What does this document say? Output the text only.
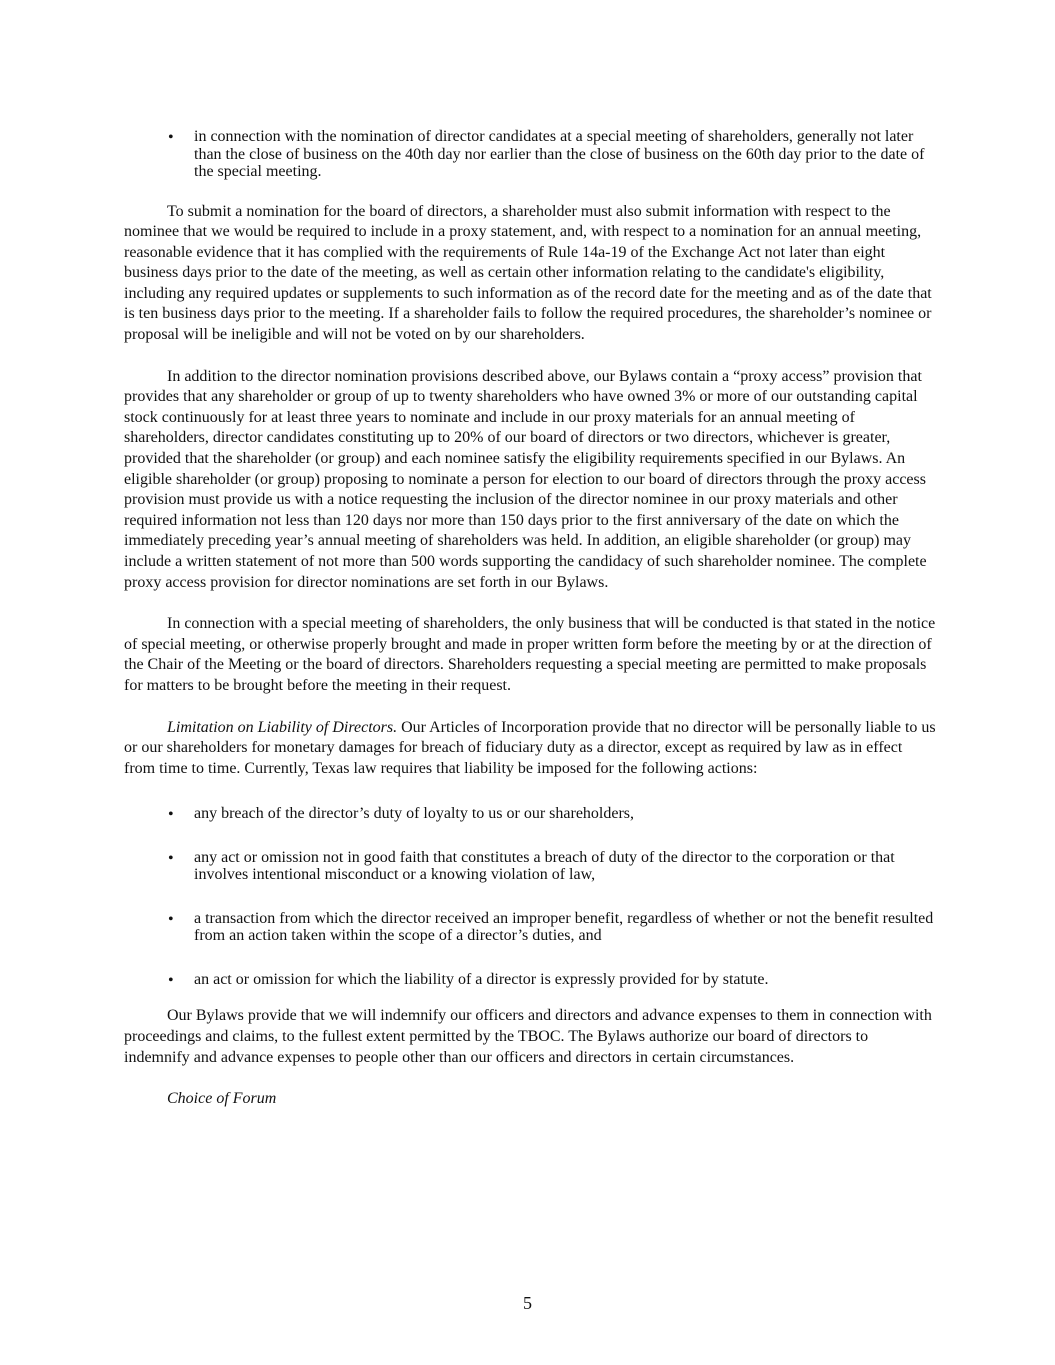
•	in connection with the nomination of director candidates at a special meeting of shareholders, generally not later than the close of business on the 40th day nor earlier than the close of business on the 60th day prior to the date of the special meeting.
To submit a nomination for the board of directors, a shareholder must also submit information with respect to the nominee that we would be required to include in a proxy statement, and, with respect to a nomination for an annual meeting, reasonable evidence that it has complied with the requirements of Rule 14a-19 of the Exchange Act not later than eight business days prior to the date of the meeting, as well as certain other information relating to the candidate's eligibility, including any required updates or supplements to such information as of the record date for the meeting and as of the date that is ten business days prior to the meeting. If a shareholder fails to follow the required procedures, the shareholder’s nominee or proposal will be ineligible and will not be voted on by our shareholders.
In addition to the director nomination provisions described above, our Bylaws contain a “proxy access” provision that provides that any shareholder or group of up to twenty shareholders who have owned 3% or more of our outstanding capital stock continuously for at least three years to nominate and include in our proxy materials for an annual meeting of shareholders, director candidates constituting up to 20% of our board of directors or two directors, whichever is greater, provided that the shareholder (or group) and each nominee satisfy the eligibility requirements specified in our Bylaws. An eligible shareholder (or group) proposing to nominate a person for election to our board of directors through the proxy access provision must provide us with a notice requesting the inclusion of the director nominee in our proxy materials and other required information not less than 120 days nor more than 150 days prior to the first anniversary of the date on which the immediately preceding year’s annual meeting of shareholders was held. In addition, an eligible shareholder (or group) may include a written statement of not more than 500 words supporting the candidacy of such shareholder nominee. The complete proxy access provision for director nominations are set forth in our Bylaws.
In connection with a special meeting of shareholders, the only business that will be conducted is that stated in the notice of special meeting, or otherwise properly brought and made in proper written form before the meeting by or at the direction of the Chair of the Meeting or the board of directors. Shareholders requesting a special meeting are permitted to make proposals for matters to be brought before the meeting in their request.
Limitation on Liability of Directors. Our Articles of Incorporation provide that no director will be personally liable to us or our shareholders for monetary damages for breach of fiduciary duty as a director, except as required by law as in effect from time to time. Currently, Texas law requires that liability be imposed for the following actions:
•	any breach of the director’s duty of loyalty to us or our shareholders,
•	any act or omission not in good faith that constitutes a breach of duty of the director to the corporation or that involves intentional misconduct or a knowing violation of law,
•	a transaction from which the director received an improper benefit, regardless of whether or not the benefit resulted from an action taken within the scope of a director’s duties, and
•	an act or omission for which the liability of a director is expressly provided for by statute.
Our Bylaws provide that we will indemnify our officers and directors and advance expenses to them in connection with proceedings and claims, to the fullest extent permitted by the TBOC. The Bylaws authorize our board of directors to indemnify and advance expenses to people other than our officers and directors in certain circumstances.
Choice of Forum
5
